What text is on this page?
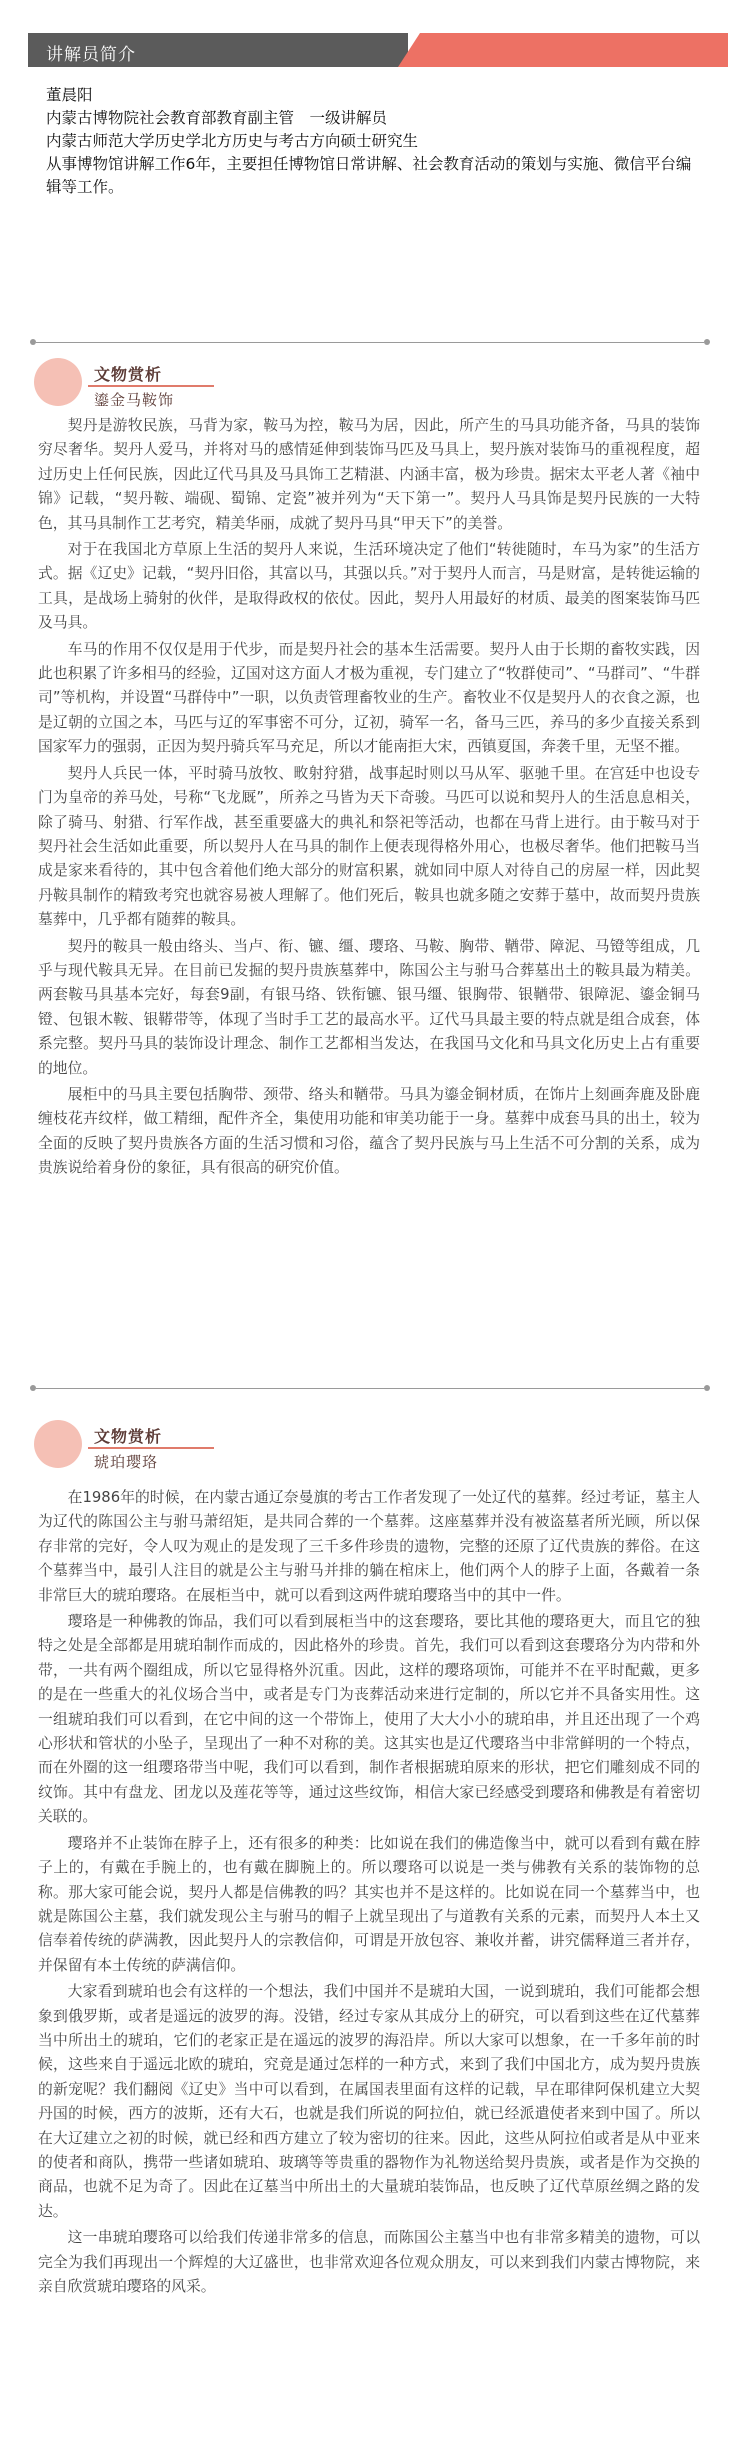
讲解员简介
董晨阳
内蒙古博物院社会教育部教育副主管　一级讲解员
内蒙古师范大学历史学北方历史与考古方向硕士研究生
从事博物馆讲解工作6年，主要担任博物馆日常讲解、社会教育活动的策划与实施、微信平台编辑等工作。
文物赏析
鎏金马鞍饰

契丹是游牧民族，马背为家，鞍马为控，鞍马为居，因此，所产生的马具功能齐备，马具的装饰穷尽奢华。契丹人爱马，并将对马的感情延伸到装饰马匹及马具上，契丹族对装饰马的重视程度，超过历史上任何民族，因此辽代马具及马具饰工艺精湛、内涵丰富，极为珍贵。据宋太平老人著《袖中锦》记载，“契丹鞍、端砚、蜀锦、定瓷”被并列为“天下第一”。契丹人马具饰是契丹民族的一大特色，其马具制作工艺考究，精美华丽，成就了契丹马具“甲天下”的美誉。

对于在我国北方草原上生活的契丹人来说，生活环境决定了他们“转徙随时，车马为家”的生活方式。据《辽史》记载，“契丹旧俗，其富以马，其强以兵。”对于契丹人而言，马是财富，是转徙运输的工具，是战场上骑射的伙伴，是取得政权的依仗。因此，契丹人用最好的材质、最美的图案装饰马匹及马具。

车马的作用不仅仅是用于代步，而是契丹社会的基本生活需要。契丹人由于长期的畜牧实践，因此也积累了许多相马的经验，辽国对这方面人才极为重视，专门建立了“牧群使司”、“马群司”、“牛群司”等机构，并设置“马群侍中”一职，以负责管理畜牧业的生产。畜牧业不仅是契丹人的衣食之源，也是辽朝的立国之本，马匹与辽的军事密不可分，辽初，骑军一名，备马三匹，养马的多少直接关系到国家军力的强弱，正因为契丹骑兵军马充足，所以才能南拒大宋，西镇夏国，奔袭千里，无坚不摧。

契丹人兵民一体，平时骑马放牧、畋射狩猎，战事起时则以马从军、驱驰千里。在宫廷中也设专门为皇帝的养马处，号称“飞龙厩”，所养之马皆为天下奇骏。马匹可以说和契丹人的生活息息相关，除了骑马、射猎、行军作战，甚至重要盛大的典礼和祭祀等活动，也都在马背上进行。由于鞍马对于契丹社会生活如此重要，所以契丹人在马具的制作上便表现得格外用心，也极尽奢华。他们把鞍马当成是家来看待的，其中包含着他们绝大部分的财富积累，就如同中原人对待自己的房屋一样，因此契丹鞍具制作的精致考究也就容易被人理解了。他们死后，鞍具也就多随之安葬于墓中，故而契丹贵族墓葬中，几乎都有随葬的鞍具。

契丹的鞍具一般由络头、当卢、衔、镳、缰、璎珞、马鞍、胸带、鞧带、障泥、马镫等组成，几乎与现代鞍具无异。在目前已发掘的契丹贵族墓葬中，陈国公主与驸马合葬墓出土的鞍具最为精美。两套鞍马具基本完好，每套9副，有银马络、铁衔镳、银马缰、银胸带、银鞧带、银障泥、鎏金铜马镫、包银木鞍、银鞯带等，体现了当时手工艺的最高水平。辽代马具最主要的特点就是组合成套，体系完整。契丹马具的装饰设计理念、制作工艺都相当发达，在我国马文化和马具文化历史上占有重要的地位。

展柜中的马具主要包括胸带、颈带、络头和鞧带。马具为鎏金铜材质，在饰片上刻画奔鹿及卧鹿缠枝花卉纹样，做工精细，配件齐全，集使用功能和审美功能于一身。墓葬中成套马具的出土，较为全面的反映了契丹贵族各方面的生活习惯和习俗，蕴含了契丹民族与马上生活不可分割的关系，成为贵族说给着身份的象征，具有很高的研究价值。

文物赏析
琥珀璎珞

在1986年的时候，在内蒙古通辽奈曼旗的考古工作者发现了一处辽代的墓葬。经过考证，墓主人为辽代的陈国公主与驸马萧绍矩，是共同合葬的一个墓葬。这座墓葬并没有被盗墓者所光顾，所以保存非常的完好，令人叹为观止的是发现了三千多件珍贵的遗物，完整的还原了辽代贵族的葬俗。在这个墓葬当中，最引人注目的就是公主与驸马并排的躺在棺床上，他们两个人的脖子上面，各戴着一条非常巨大的琥珀璎珞。在展柜当中，就可以看到这两件琥珀璎珞当中的其中一件。

璎珞是一种佛教的饰品，我们可以看到展柜当中的这套璎珞，要比其他的璎珞更大，而且它的独特之处是全部都是用琥珀制作而成的，因此格外的珍贵。首先，我们可以看到这套璎珞分为内带和外带，一共有两个圈组成，所以它显得格外沉重。因此，这样的璎珞项饰，可能并不在平时配戴，更多的是在一些重大的礼仪场合当中，或者是专门为丧葬活动来进行定制的，所以它并不具备实用性。这一组琥珀我们可以看到，在它中间的这一个带饰上，使用了大大小小的琥珀串，并且还出现了一个鸡心形状和管状的小坠子，呈现出了一种不对称的美。这其实也是辽代璎珞当中非常鲜明的一个特点，而在外圈的这一组璎珞带当中呢，我们可以看到，制作者根据琥珀原来的形状，把它们雕刻成不同的纹饰。其中有盘龙、团龙以及莲花等等，通过这些纹饰，相信大家已经感受到璎珞和佛教是有着密切关联的。

璎珞并不止装饰在脖子上，还有很多的种类：比如说在我们的佛造像当中，就可以看到有戴在脖子上的，有戴在手腕上的，也有戴在脚腕上的。所以璎珞可以说是一类与佛教有关系的装饰物的总称。那大家可能会说，契丹人都是信佛教的吗？其实也并不是这样的。比如说在同一个墓葬当中，也就是陈国公主墓，我们就发现公主与驸马的帽子上就呈现出了与道教有关系的元素，而契丹人本土又信奉着传统的萨满教，因此契丹人的宗教信仰，可谓是开放包容、兼收并蓄，讲究儒释道三者并存，并保留有本土传统的萨满信仰。

大家看到琥珀也会有这样的一个想法，我们中国并不是琥珀大国，一说到琥珀，我们可能都会想象到俄罗斯，或者是遥远的波罗的海。没错，经过专家从其成分上的研究，可以看到这些在辽代墓葬当中所出土的琥珀，它们的老家正是在遥远的波罗的海沿岸。所以大家可以想象，在一千多年前的时候，这些来自于遥远北欧的琥珀，究竟是通过怎样的一种方式，来到了我们中国北方，成为契丹贵族的新宠呢？我们翻阅《辽史》当中可以看到，在属国表里面有这样的记载，早在耶律阿保机建立大契丹国的时候，西方的波斯，还有大石，也就是我们所说的阿拉伯，就已经派遣使者来到中国了。所以在大辽建立之初的时候，就已经和西方建立了较为密切的往来。因此，这些从阿拉伯或者是从中亚来的使者和商队，携带一些诸如琥珀、玻璃等等贵重的器物作为礼物送给契丹贵族，或者是作为交换的商品，也就不足为奇了。因此在辽墓当中所出土的大量琥珀装饰品，也反映了辽代草原丝绸之路的发达。

这一串琥珀璎珞可以给我们传递非常多的信息，而陈国公主墓当中也有非常多精美的遗物，可以完全为我们再现出一个辉煌的大辽盛世，也非常欢迎各位观众朋友，可以来到我们内蒙古博物院，来亲自欣赏琥珀璎珞的风采。
